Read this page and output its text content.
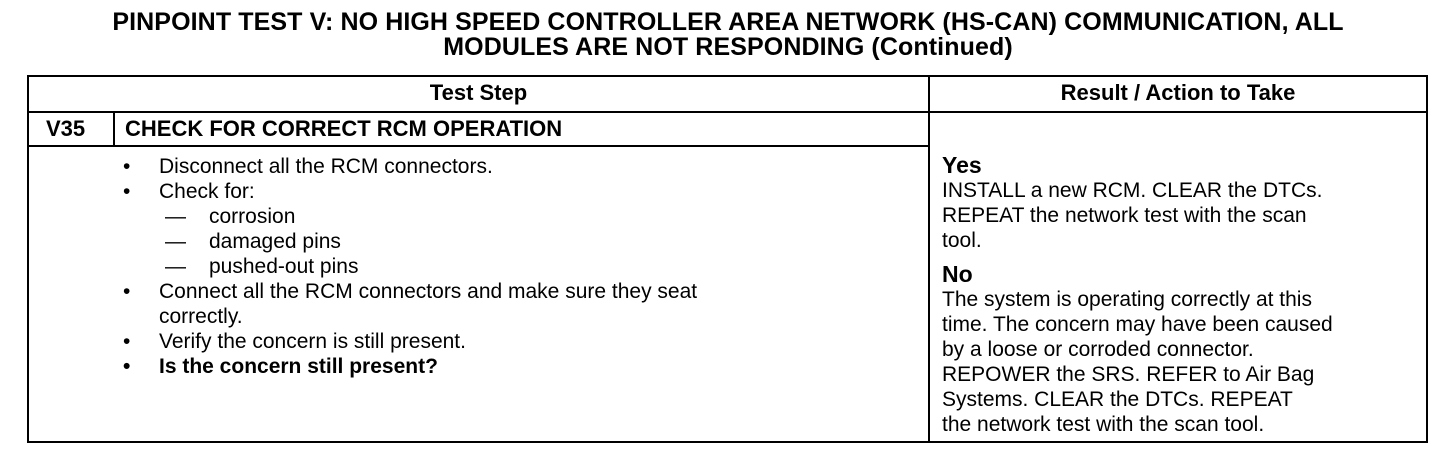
PINPOINT TEST V: NO HIGH SPEED CONTROLLER AREA NETWORK (HS-CAN) COMMUNICATION, ALL
MODULES ARE NOT RESPONDING (Continued)
Test Step	Result / Action to Take
V35 CHECK FOR CORRECT RCM OPERATION
• Disconnect all the RCM connectors.
• Check for:
— corrosion
— damaged pins
— pushed-out pins
• Connect all the RCM connectors and make sure they seat
correctly.
• Verify the concern is still present.
• Is the concern still present?
Yes
INSTALL a new RCM. CLEAR the DTCs.
REPEAT the network test with the scan
tool.
No
The system is operating correctly at this
time. The concern may have been caused
by a loose or corroded connector.
REPOWER the SRS. REFER to Air Bag
Systems. CLEAR the DTCs. REPEAT
the network test with the scan tool.
